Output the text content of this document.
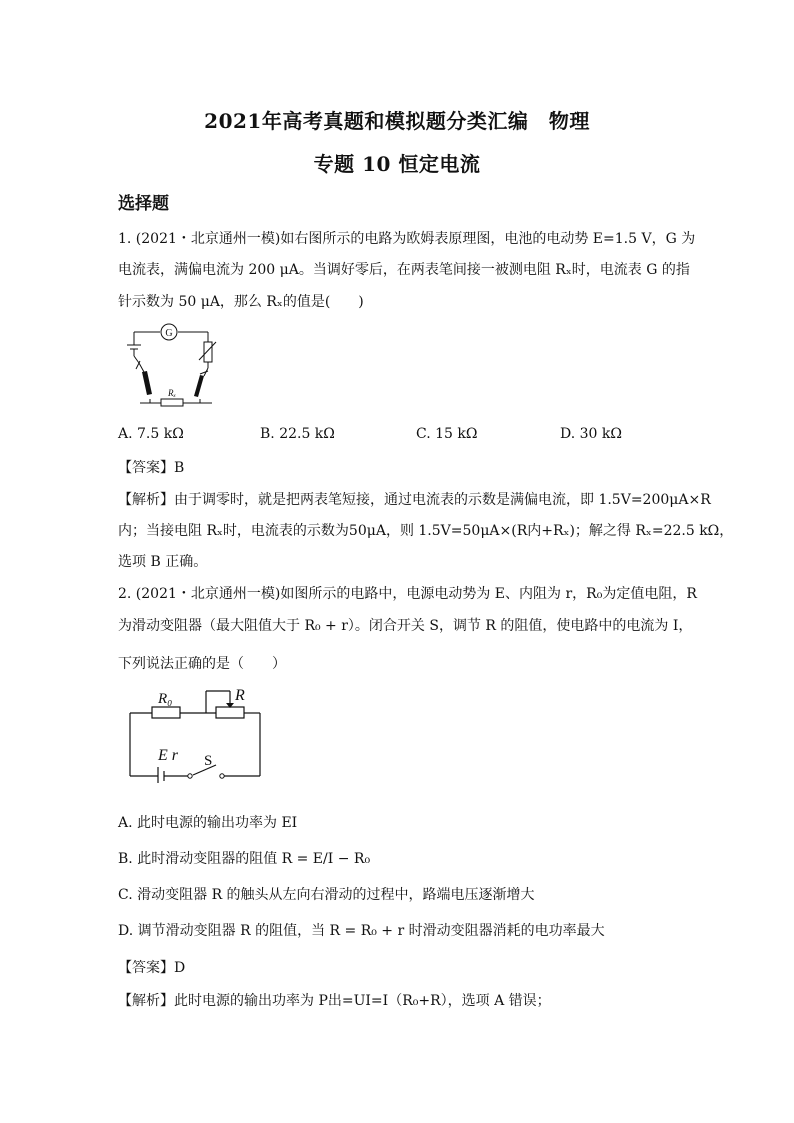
2021年高考真题和模拟题分类汇编　物理
专题 10 恒定电流
选择题
1. (2021・北京通州一模)如右图所示的电路为欧姆表原理图，电池的电动势 E=1.5 V，G 为
电流表，满偏电流为 200 μA。当调好零后，在两表笔间接一被测电阻 Rₓ时，电流表 G 的指
针示数为 50 μA，那么 Rₓ的值是(　　)
G
Rₓ
A. 7.5 kΩ	B. 22.5 kΩ	C. 15 kΩ	D. 30 kΩ
【答案】B
【解析】由于调零时，就是把两表笔短接，通过电流表的示数是满偏电流，即 1.5V=200μA×R
内；当接电阻 Rₓ时，电流表的示数为50μA，则 1.5V=50μA×(R内+Rₓ)；解之得 Rₓ=22.5 kΩ，
选项 B 正确。
2. (2021・北京通州一模)如图所示的电路中，电源电动势为 E、内阻为 r，R₀为定值电阻，R
为滑动变阻器（最大阻值大于 R₀ + r）。闭合开关 S，调节 R 的阻值，使电路中的电流为 I，
下列说法正确的是（　　）
R₀	R
E r S
A. 此时电源的输出功率为 EI
B. 此时滑动变阻器的阻值 R = E/I − R₀
C. 滑动变阻器 R 的触头从左向右滑动的过程中，路端电压逐渐增大
D. 调节滑动变阻器 R 的阻值，当 R = R₀ + r 时滑动变阻器消耗的电功率最大
【答案】D
【解析】此时电源的输出功率为 P出=UI=I（R₀+R），选项 A 错误；
